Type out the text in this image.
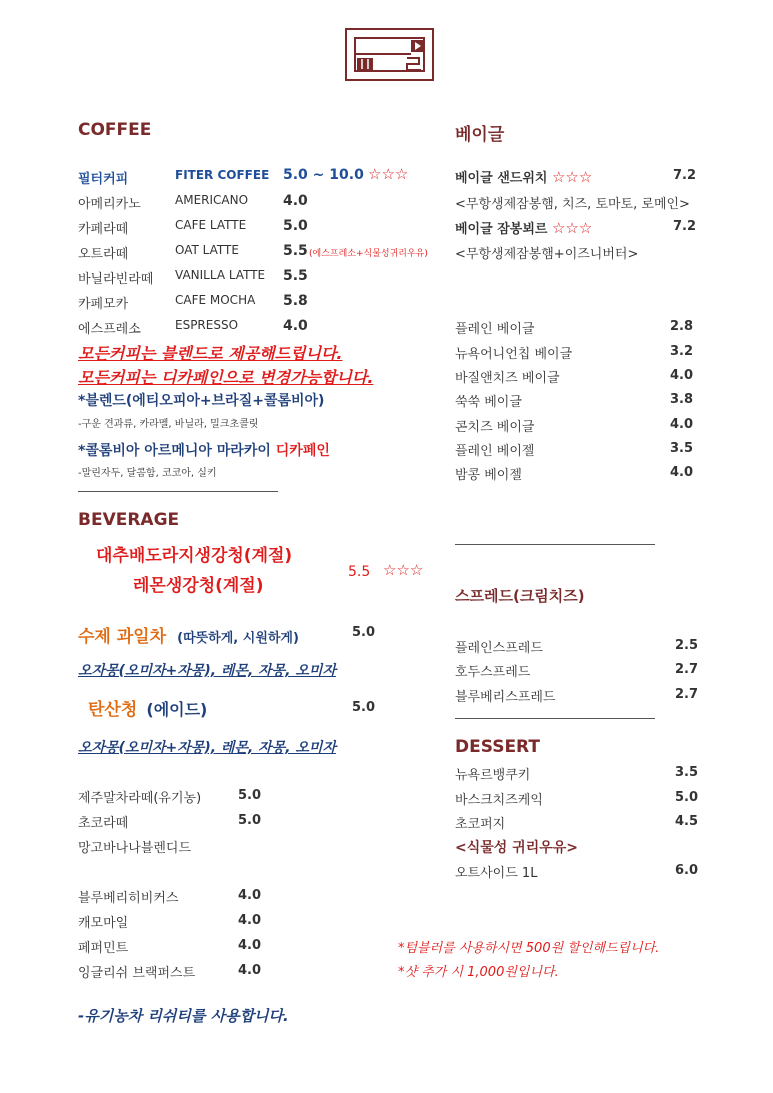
COFFEE
필터커피	FITER COFFEE 5.0 ~ 10.0 ☆☆☆
아메리카노	AMERICANO 4.0
카페라떼	CAFE LATTE	5.0
오트라떼	OAT LATTE	5.5 (에스프레소+식물성귀리우유)
바닐라빈라떼 VANILLA LATTE 5.5
카페모카	CAFE MOCHA 5.8
에스프레소	ESPRESSO	4.0
모든커피는 블렌드로 제공해드립니다.
모든커피는 디카페인으로 변경가능합니다.
*블렌드(에티오피아+브라질+콜롬비아)
-구운 견과류, 카라멜, 바닐라, 밀크초콜릿
*콜롬비아 아르메니아 마라카이 디카페인
-말린자두, 달콤함, 코코아, 실키
BEVERAGE
대추배도라지생강청(계절)
레몬생강청(계절)
5.5 ☆☆☆
수제 과일차 (따뜻하게, 시원하게)	5.0
오자몽(오미자+자몽), 레몬, 자몽, 오미자
탄산청 (에이드)	5.0
오자몽(오미자+자몽), 레몬, 자몽, 오미자
제주말차라떼(유기농)	5.0
초코라떼	5.0
망고바나나블렌디드
블루베리히비커스	4.0
캐모마일	4.0
페퍼민트	4.0
잉글리쉬 브랙퍼스트	4.0
-유기농차 리쉬티를 사용합니다.
베이글
베이글 샌드위치 ☆☆☆	7.2
<무항생제잠봉햄, 치즈, 토마토, 로메인>
베이글 잠봉뵈르 ☆☆☆	7.2
<무항생제잠봉햄+이즈니버터>
플레인 베이글	2.8
뉴욕어니언칩 베이글	3.2
바질앤치즈 베이글	4.0
쑥쑥 베이글	3.8
콘치즈 베이글	4.0
플레인 베이젤	3.5
밤콩 베이젤	4.0
스프레드(크림치즈)
플레인스프레드	2.5
호두스프레드	2.7
블루베리스프레드	2.7
DESSERT
뉴욕르뱅쿠키	3.5
바스크치즈케익	5.0
초코퍼지	4.5
<식물성 귀리우유>
오트사이드 1L	6.0
*텀블러를 사용하시면 500원 할인해드립니다.
*샷 추가 시 1,000원입니다.
